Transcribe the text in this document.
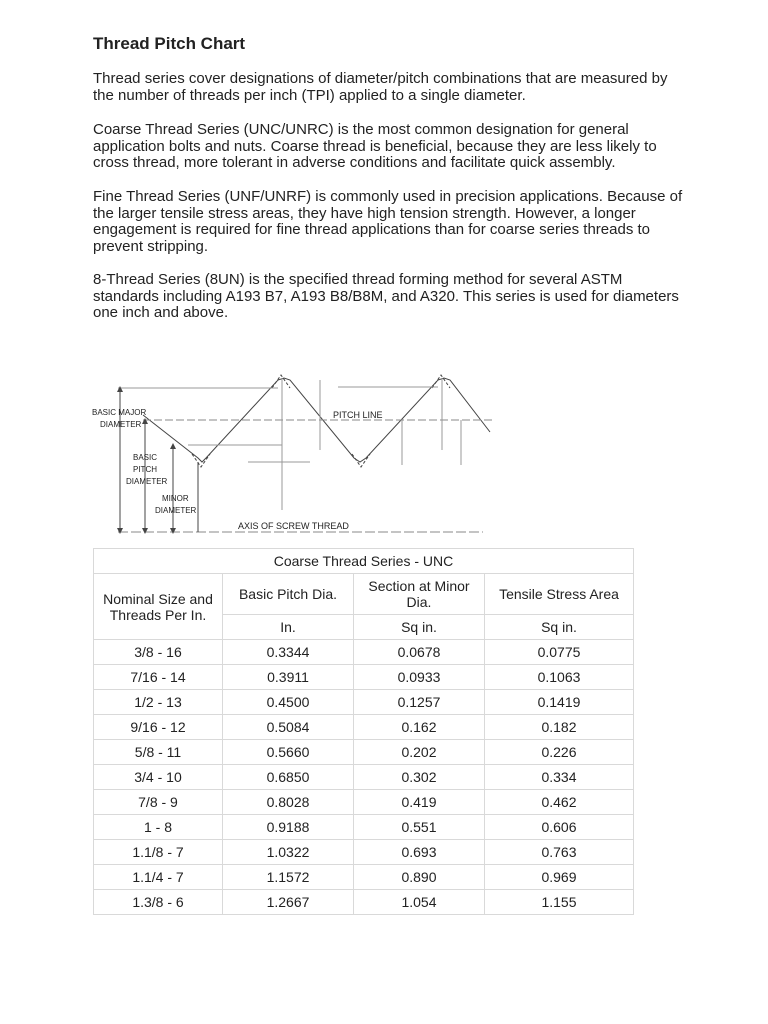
Thread Pitch Chart

Thread series cover designations of diameter/pitch combinations that are measured by the number of threads per inch (TPI) applied to a single diameter.

Coarse Thread Series (UNC/UNRC) is the most common designation for general application bolts and nuts. Coarse thread is beneficial, because they are less likely to cross thread, more tolerant in adverse conditions and facilitate quick assembly.

Fine Thread Series (UNF/UNRF) is commonly used in precision applications. Because of the larger tensile stress areas, they have high tension strength. However, a longer engagement is required for fine thread applications than for coarse series threads to prevent stripping.

8-Thread Series (8UN) is the specified thread forming method for several ASTM standards including A193 B7, A193 B8/B8M, and A320. This series is used for diameters one inch and above.

BASIC MAJOR
DIAMETER
PITCH LINE
BASIC
PITCH
DIAMETER
MINOR
DIAMETER
AXIS OF SCREW THREAD
Coarse Thread Series - UNC			
Nominal Size and Threads Per In.	Basic Pitch Dia.	Section at Minor Dia.	Tensile Stress Area
	In.	Sq in.	Sq in.
3/8 - 16	0.3344	0.0678	0.0775
7/16 - 14	0.3911	0.0933	0.1063
1/2 - 13	0.4500	0.1257	0.1419
9/16 - 12	0.5084	0.162	0.182
5/8 - 11	0.5660	0.202	0.226
3/4 - 10	0.6850	0.302	0.334
7/8 - 9	0.8028	0.419	0.462
1 - 8	0.9188	0.551	0.606
1.1/8 - 7	1.0322	0.693	0.763
1.1/4 - 7	1.1572	0.890	0.969
1.3/8 - 6	1.2667	1.054	1.155
